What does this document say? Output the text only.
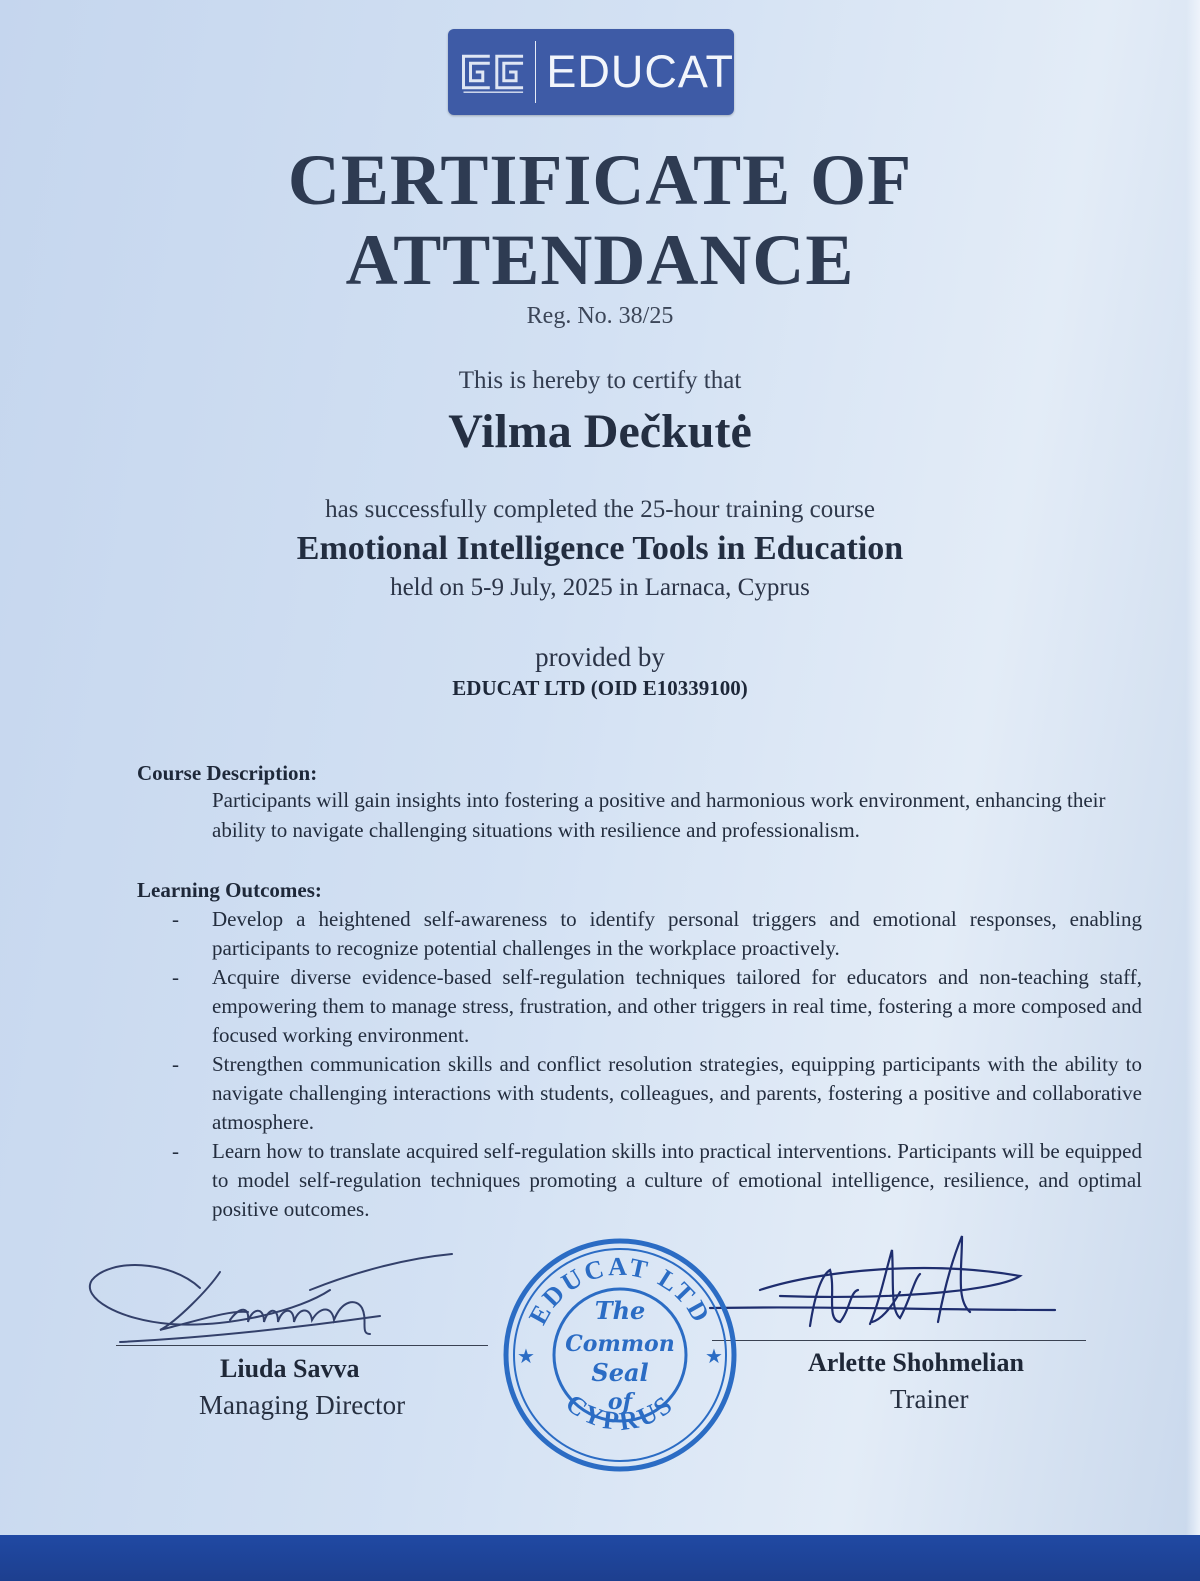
EDUCAT
CERTIFICATE OF
ATTENDANCE
Reg. No. 38/25
This is hereby to certify that
Vilma Dečkutė
has successfully completed the 25-hour training course
Emotional Intelligence Tools in Education
held on 5-9 July, 2025 in Larnaca, Cyprus
provided by
EDUCAT LTD (OID E10339100)
Course Description:
Participants will gain insights into fostering a positive and harmonious work environment, enhancing their ability to navigate challenging situations with resilience and professionalism.
Learning Outcomes:
- Develop a heightened self-awareness to identify personal triggers and emotional responses, enabling participants to recognize potential challenges in the workplace proactively.
- Acquire diverse evidence-based self-regulation techniques tailored for educators and non-teaching staff, empowering them to manage stress, frustration, and other triggers in real time, fostering a more composed and focused working environment.
- Strengthen communication skills and conflict resolution strategies, equipping participants with the ability to navigate challenging interactions with students, colleagues, and parents, fostering a positive and collaborative atmosphere.
- Learn how to translate acquired self-regulation skills into practical interventions. Participants will be equipped to model self-regulation techniques promoting a culture of emotional intelligence, resilience, and optimal positive outcomes.
Liuda Savva
Managing Director
Arlette Shohmelian
Trainer
EDUCAT LTD
CYPRUS
★	★
The
Common
Seal
of
